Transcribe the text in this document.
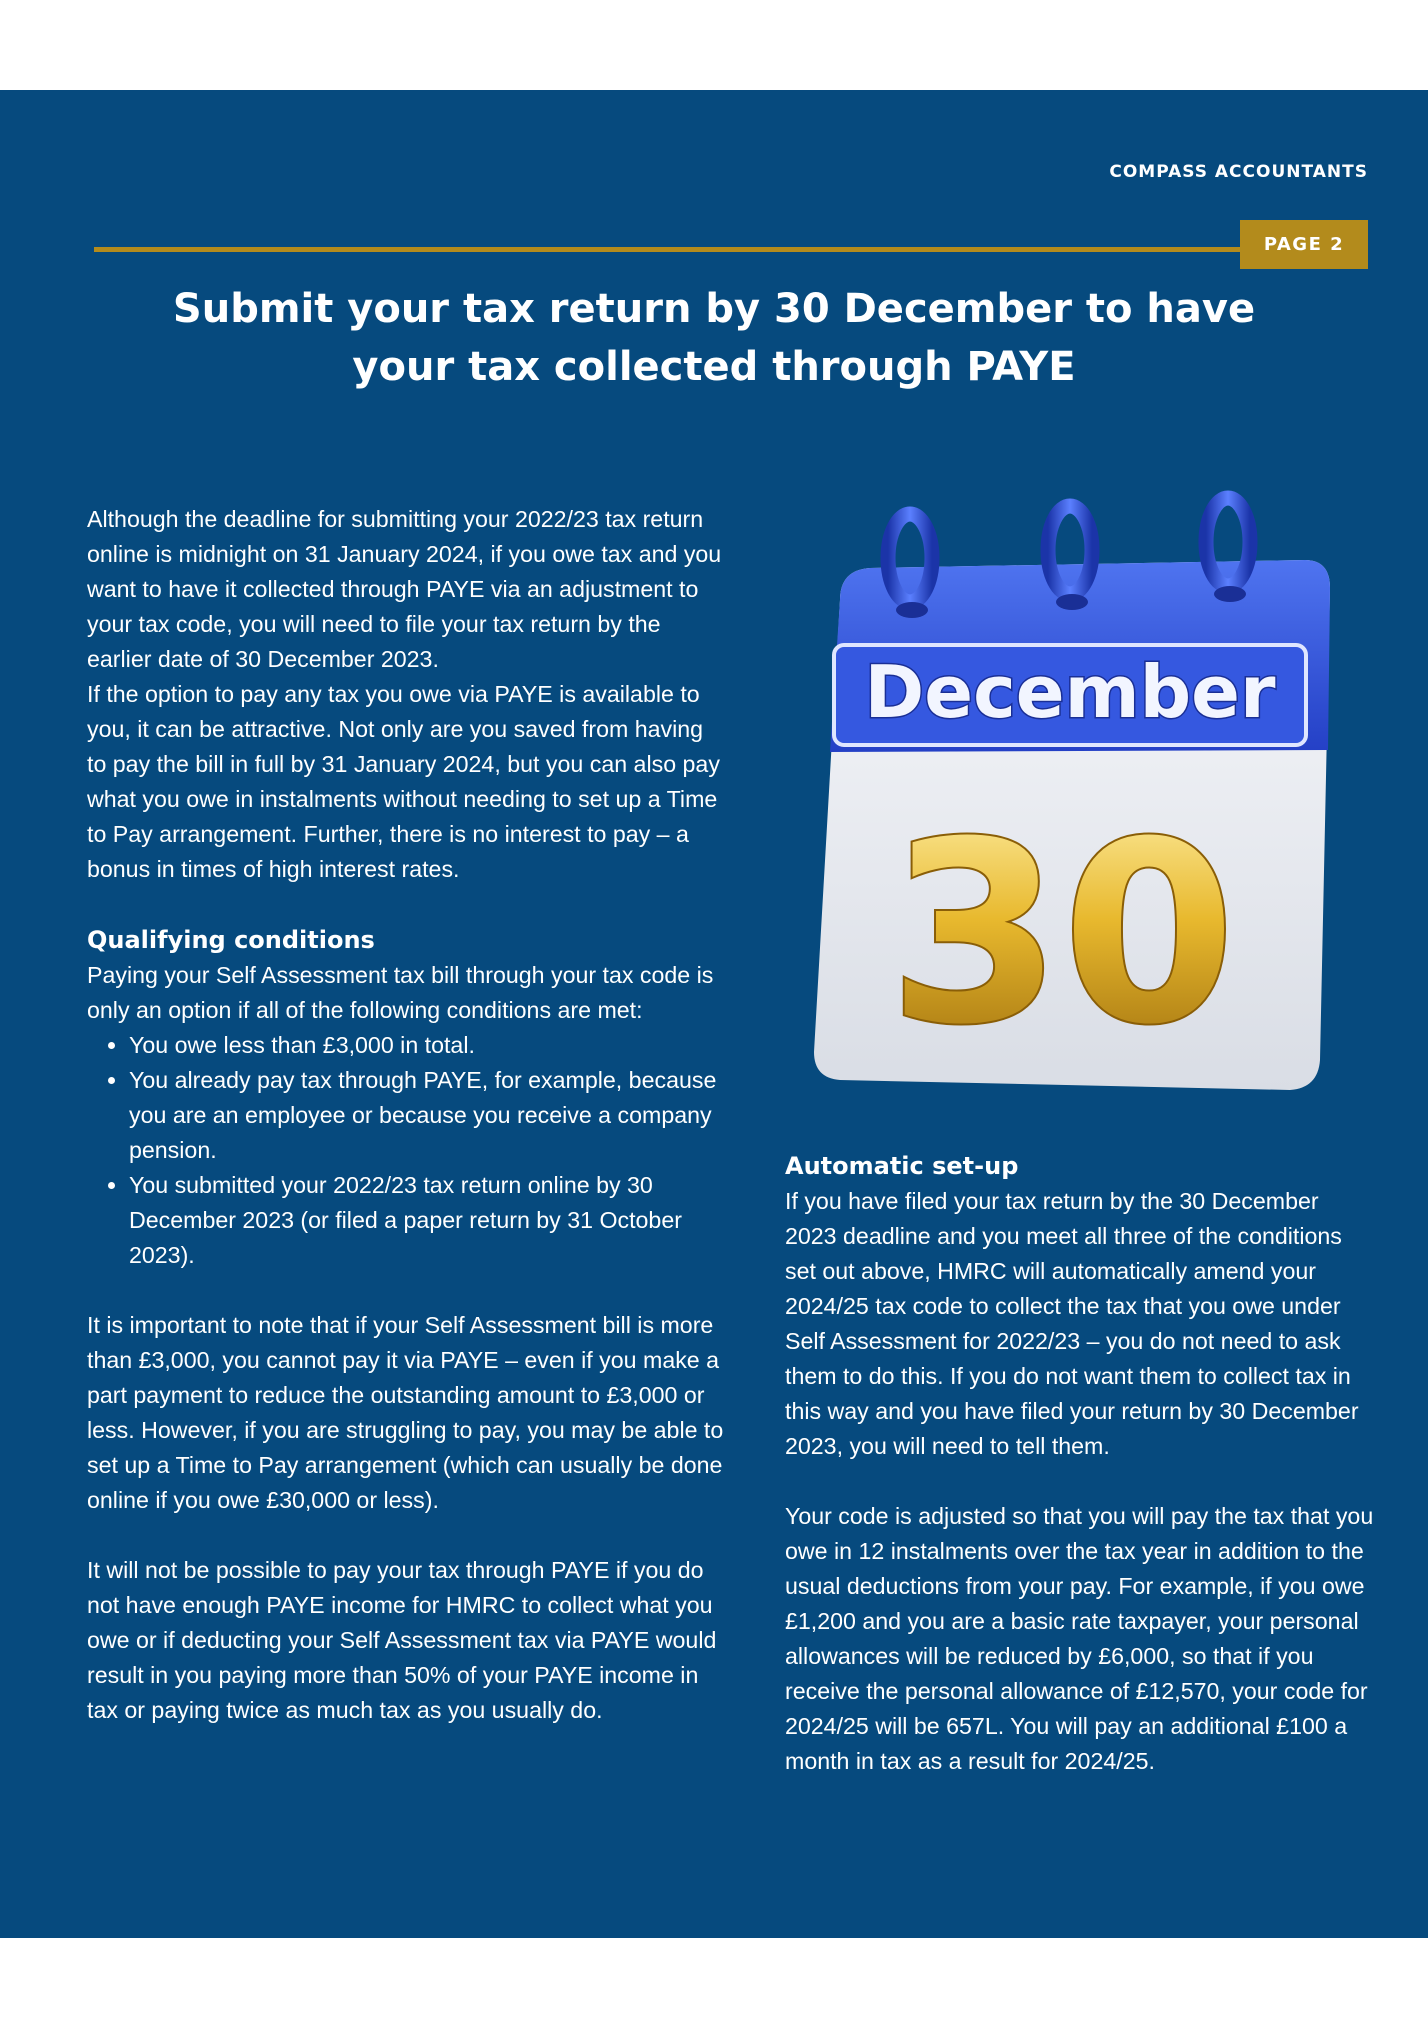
COMPASS ACCOUNTANTS
PAGE 2
Submit your tax return by 30 December to have
your tax collected through PAYE

Although the deadline for submitting your 2022/23 tax return online is midnight on 31 January 2024, if you owe tax and you want to have it collected through PAYE via an adjustment to your tax code, you will need to file your tax return by the earlier date of 30 December 2023.

If the option to pay any tax you owe via PAYE is available to you, it can be attractive. Not only are you saved from having to pay the bill in full by 31 January 2024, but you can also pay what you owe in instalments without needing to set up a Time to Pay arrangement. Further, there is no interest to pay – a bonus in times of high interest rates.

Qualifying conditions

Paying your Self Assessment tax bill through your tax code is only an option if all of the following conditions are met:

• You owe less than £3,000 in total.
• You already pay tax through PAYE, for example, because you are an employee or because you receive a company pension.
• You submitted your 2022/23 tax return online by 30 December 2023 (or filed a paper return by 31 October 2023).

It is important to note that if your Self Assessment bill is more than £3,000, you cannot pay it via PAYE – even if you make a part payment to reduce the outstanding amount to £3,000 or less. However, if you are struggling to pay, you may be able to set up a Time to Pay arrangement (which can usually be done online if you owe £30,000 or less).

It will not be possible to pay your tax through PAYE if you do not have enough PAYE income for HMRC to collect what you owe or if deducting your Self Assessment tax via PAYE would result in you paying more than 50% of your PAYE income in tax or paying twice as much tax as you usually do.

December
30
Automatic set-up

If you have filed your tax return by the 30 December 2023 deadline and you meet all three of the conditions set out above, HMRC will automatically amend your 2024/25 tax code to collect the tax that you owe under Self Assessment for 2022/23 – you do not need to ask them to do this. If you do not want them to collect tax in this way and you have filed your return by 30 December 2023, you will need to tell them.

Your code is adjusted so that you will pay the tax that you owe in 12 instalments over the tax year in addition to the usual deductions from your pay. For example, if you owe £1,200 and you are a basic rate taxpayer, your personal allowances will be reduced by £6,000, so that if you receive the personal allowance of £12,570, your code for 2024/25 will be 657L. You will pay an additional £100 a month in tax as a result for 2024/25.
